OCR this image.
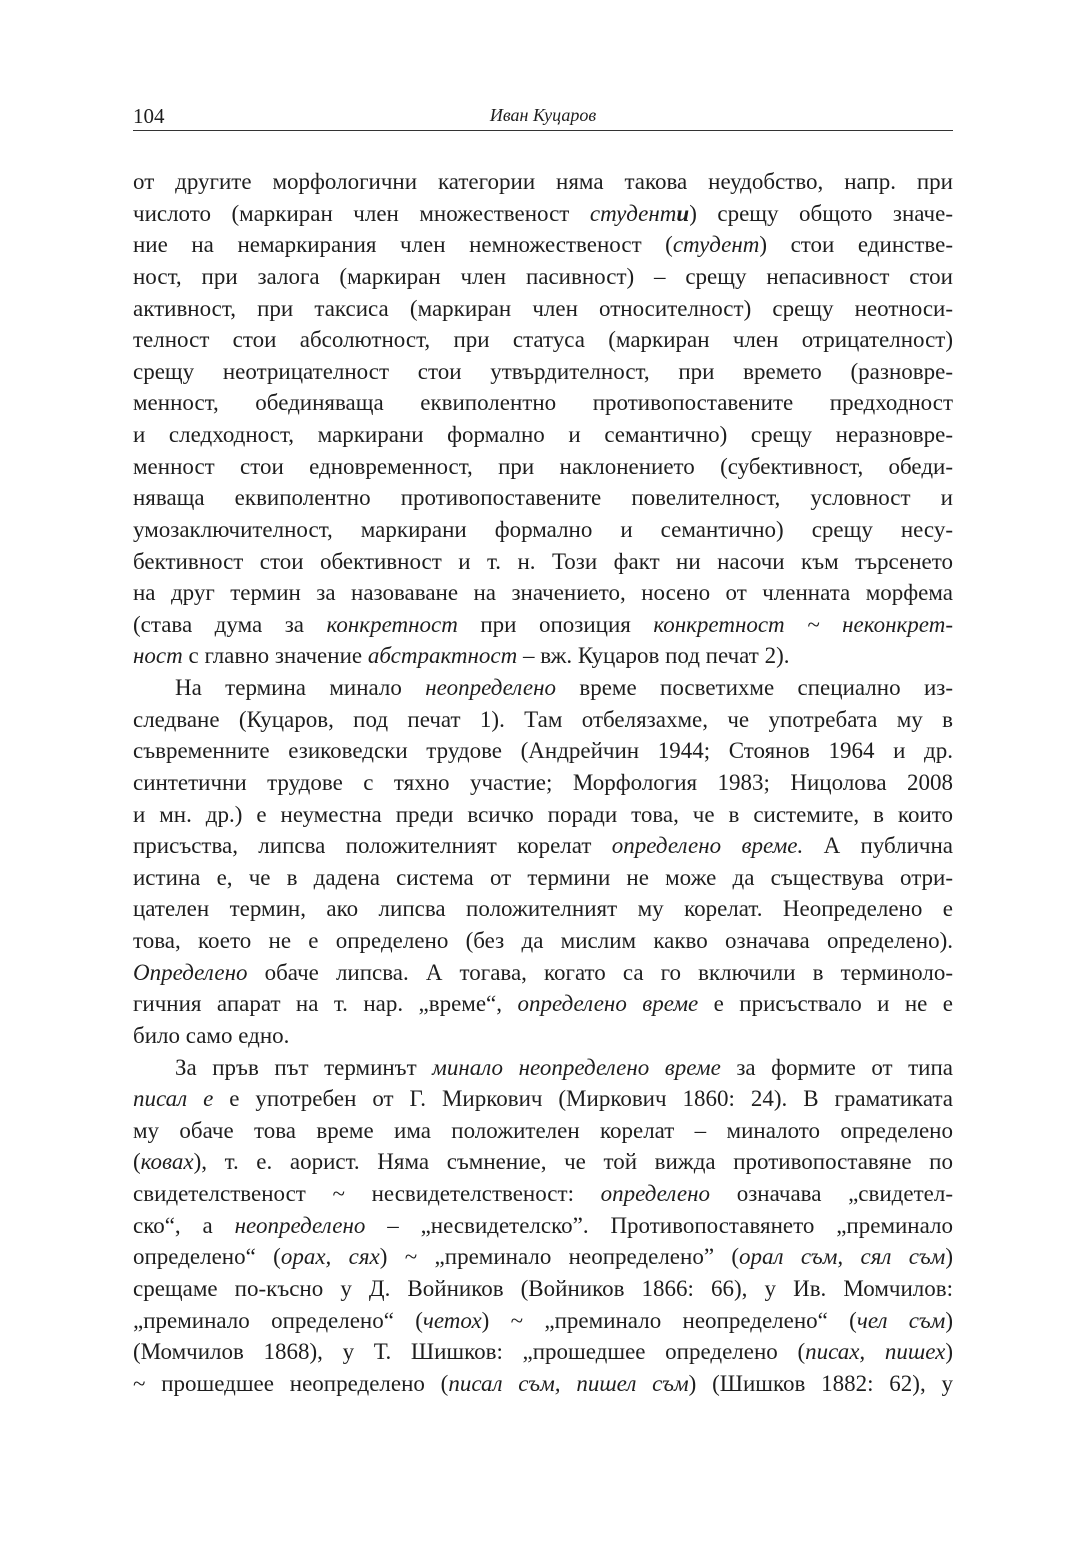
104	Иван Куцаров
от другите морфологични категории няма такова неудобство, напр. при
числото (маркиран член множественост студенти) срещу общото значе-
ние на немаркирания член немножественост (студент) стои единстве-
ност, при залога (маркиран член пасивност) – срещу непасивност стои
активност, при таксиса (маркиран член относителност) срещу неотноси-
телност стои абсолютност, при статуса (маркиран член отрицателност)
срещу неотрицателност стои утвърдителност, при времето (разновре-
менност, обединяваща еквиполентно противопоставените предходност
и следходност, маркирани формално и семантично) срещу неразновре-
менност стои едновременност, при наклонението (субективност, обеди-
няваща еквиполентно противопоставените повелителност, условност и
умозаключителност, маркирани формално и семантично) срещу несу-
бективност стои обективност и т. н. Този факт ни насочи към търсенето
на друг термин за назоваване на значението, носено от членната морфема
(става дума за конкретност при опозиция конкретност ~ неконкрет-
ност с главно значение абстрактност – вж. Куцаров под печат 2).
На термина минало неопределено време посветихме специално из-
следване (Куцаров, под печат 1). Там отбелязахме, че употребата му в
съвременните езиковедски трудове (Андрейчин 1944; Стоянов 1964 и др.
синтетични трудове с тяхно участие; Морфология 1983; Ницолова 2008
и мн. др.) е неуместна преди всичко поради това, че в системите, в които
присъства, липсва положителният корелат определено време. А публична
истина е, че в дадена система от термини не може да съществува отри-
цателен термин, ако липсва положителният му корелат. Неопределено е
това, което не е определено (без да мислим какво означава определено).
Определено обаче липсва. А тогава, когато са го включили в терминоло-
гичния апарат на т. нар. „време“, определено време е присъствало и не е
било само едно.
За пръв път терминът минало неопределено време за формите от типа
писал е е употребен от Г. Миркович (Миркович 1860: 24). В граматиката
му обаче това време има положителен корелат – миналото определено
(ковах), т. е. аорист. Няма съмнение, че той вижда противопоставяне по
свидетелственост ~ несвидетелственост: определено означава „свидетел-
ско“, а неопределено – „несвидетелско”. Противопоставянето „преминало
определено“ (орах, сях) ~ „преминало неопределено” (орал съм, сял съм)
срещаме по-късно у Д. Войников (Войников 1866: 66), у Ив. Момчилов:
„преминало определено“ (четох) ~ „преминало неопределено“ (чел съм)
(Момчилов 1868), у Т. Шишков: „прошедшее определено (писах, пишех)
~ прошедшее неопределено (писал съм, пишел съм) (Шишков 1882: 62), у
